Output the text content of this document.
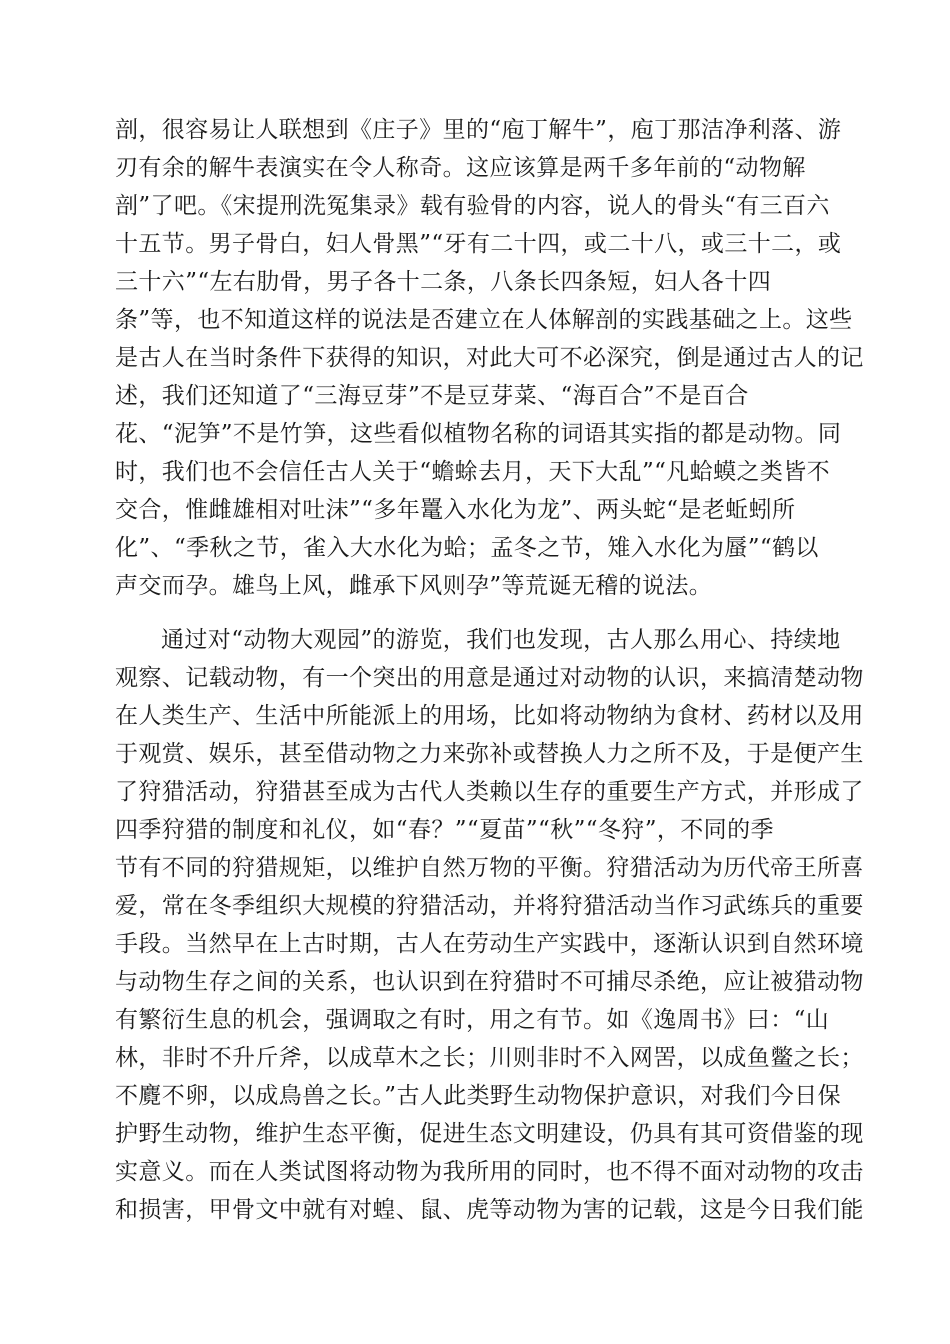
剖，很容易让人联想到《庄子》里的“庖丁解牛”，庖丁那洁净利落、游
刃有余的解牛表演实在令人称奇。这应该算是两千多年前的“动物解
剖”了吧。《宋提刑洗冤集录》载有验骨的内容，说人的骨头“有三百六
十五节。男子骨白，妇人骨黑”“牙有二十四，或二十八，或三十二，或
三十六”“左右肋骨，男子各十二条，八条长四条短，妇人各十四
条”等，也不知道这样的说法是否建立在人体解剖的实践基础之上。这些
是古人在当时条件下获得的知识，对此大可不必深究，倒是通过古人的记
述，我们还知道了“三海豆芽”不是豆芽菜、“海百合”不是百合
花、“泥笋”不是竹笋，这些看似植物名称的词语其实指的都是动物。同
时，我们也不会信任古人关于“蟾蜍去月，天下大乱”“凡蛤蟆之类皆不
交合，惟雌雄相对吐沫”“多年鼍入水化为龙”、两头蛇“是老蚯蚓所
化”、“季秋之节，雀入大水化为蛤；孟冬之节，雉入水化为蜃”“鹤以
声交而孕。雄鸟上风，雌承下风则孕”等荒诞无稽的说法。
通过对“动物大观园”的游览，我们也发现，古人那么用心、持续地
观察、记载动物，有一个突出的用意是通过对动物的认识，来搞清楚动物
在人类生产、生活中所能派上的用场，比如将动物纳为食材、药材以及用
于观赏、娱乐，甚至借动物之力来弥补或替换人力之所不及，于是便产生
了狩猎活动，狩猎甚至成为古代人类赖以生存的重要生产方式，并形成了
四季狩猎的制度和礼仪，如“春？”“夏苗”“秋”“冬狩”，不同的季
节有不同的狩猎规矩，以维护自然万物的平衡。狩猎活动为历代帝王所喜
爱，常在冬季组织大规模的狩猎活动，并将狩猎活动当作习武练兵的重要
手段。当然早在上古时期，古人在劳动生产实践中，逐渐认识到自然环境
与动物生存之间的关系，也认识到在狩猎时不可捕尽杀绝，应让被猎动物
有繁衍生息的机会，强调取之有时，用之有节。如《逸周书》曰：“山
林，非时不升斤斧，以成草木之长；川则非时不入网罟，以成鱼鳖之长；
不麑不卵，以成鳥兽之长。”古人此类野生动物保护意识，对我们今日保
护野生动物，维护生态平衡，促进生态文明建设，仍具有其可资借鉴的现
实意义。而在人类试图将动物为我所用的同时，也不得不面对动物的攻击
和损害，甲骨文中就有对蝗、鼠、虎等动物为害的记载，这是今日我们能
